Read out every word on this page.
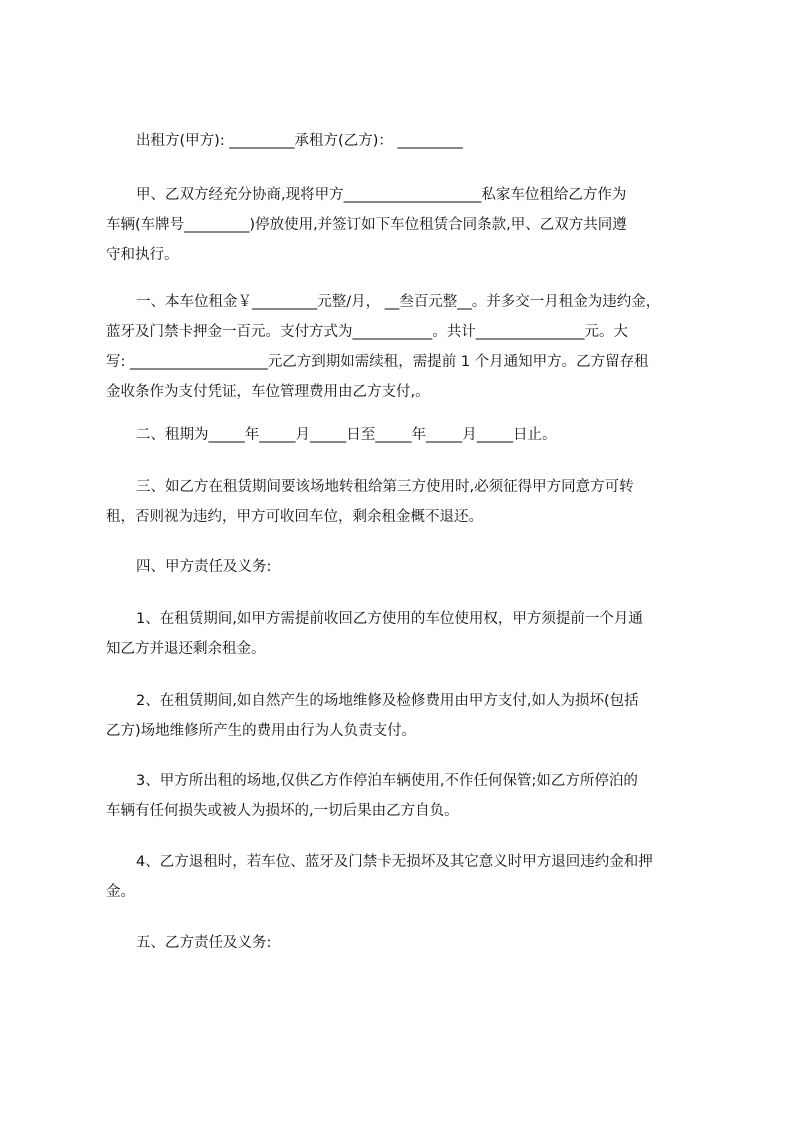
出租方(甲方): _________承租方(乙方)： _________
甲、乙双方经充分协商,现将甲方___________________私家车位租给乙方作为
车辆(车牌号_________)停放使用,并签订如下车位租赁合同条款,甲、乙双方共同遵
守和执行。
一、本车位租金￥_________元整/月， __叁百元整__。并多交一月租金为违约金，
蓝牙及门禁卡押金一百元。支付方式为___________。共计_______________元。大
写: ___________________元乙方到期如需续租，需提前 1 个月通知甲方。乙方留存租
金收条作为支付凭证，车位管理费用由乙方支付,。
二、租期为_____年_____月_____日至_____年_____月_____日止。
三、如乙方在租赁期间要该场地转租给第三方使用时,必须征得甲方同意方可转
租，否则视为违约，甲方可收回车位，剩余租金概不退还。
四、甲方责任及义务:
1、在租赁期间,如甲方需提前收回乙方使用的车位使用权，甲方须提前一个月通
知乙方并退还剩余租金。
2、在租赁期间,如自然产生的场地维修及检修费用由甲方支付,如人为损坏(包括
乙方)场地维修所产生的费用由行为人负责支付。
3、甲方所出租的场地,仅供乙方作停泊车辆使用,不作任何保管;如乙方所停泊的
车辆有任何损失或被人为损坏的,一切后果由乙方自负。
4、乙方退租时，若车位、蓝牙及门禁卡无损坏及其它意义时甲方退回违约金和押
金。
五、乙方责任及义务:
